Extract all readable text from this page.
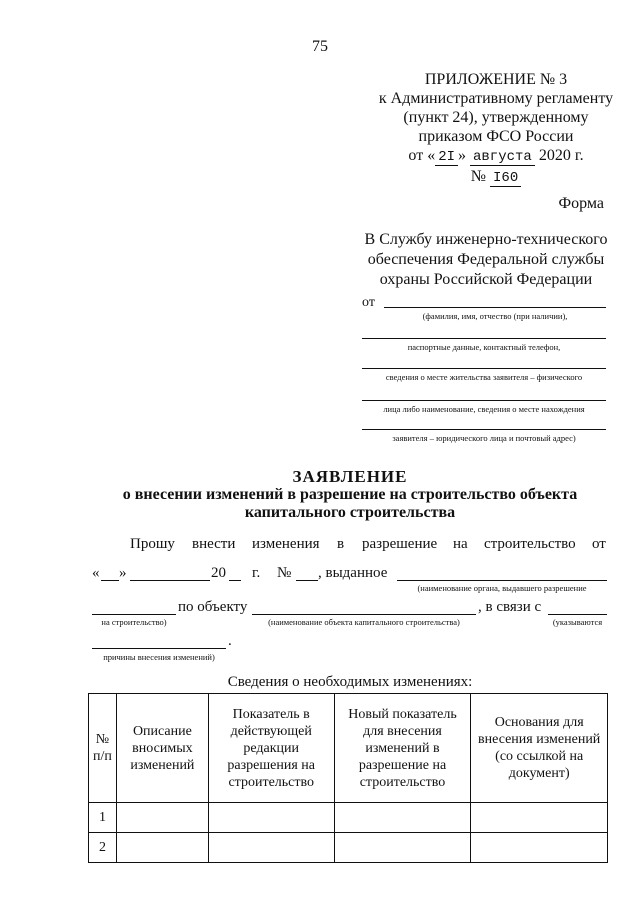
75
ПРИЛОЖЕНИЕ № 3
к Административному регламенту
(пункт 24), утвержденному
приказом ФСО России
от « 2I » августа 2020 г.
№ I60
Форма
В Службу инженерно-технического
обеспечения Федеральной службы
охраны Российской Федерации
от
(фамилия, имя, отчество (при наличии),
паспортные данные, контактный телефон,
сведения о месте жительства заявителя – физического
лица либо наименование, сведения о месте нахождения
заявителя – юридического лица и почтовый адрес)
ЗАЯВЛЕНИЕ
о внесении изменений в разрешение на строительство объекта
капитального строительства
Прошу внести изменения в разрешение на строительство от
« »	20 г. № , выданное
(наименование органа, выдавшего разрешение
на строительство)
по объекту
(наименование объекта капитального строительства)
, в связи с
(указываются
.
причины внесения изменений)
Сведения о необходимых изменениях:
№ п/п	Описание вносимых изменений	Показатель в действующей редакции разрешения на строительство	Новый показатель для внесения изменений в разрешение на строительство	Основания для внесения изменений (со ссылкой на документ)
1				
2				
